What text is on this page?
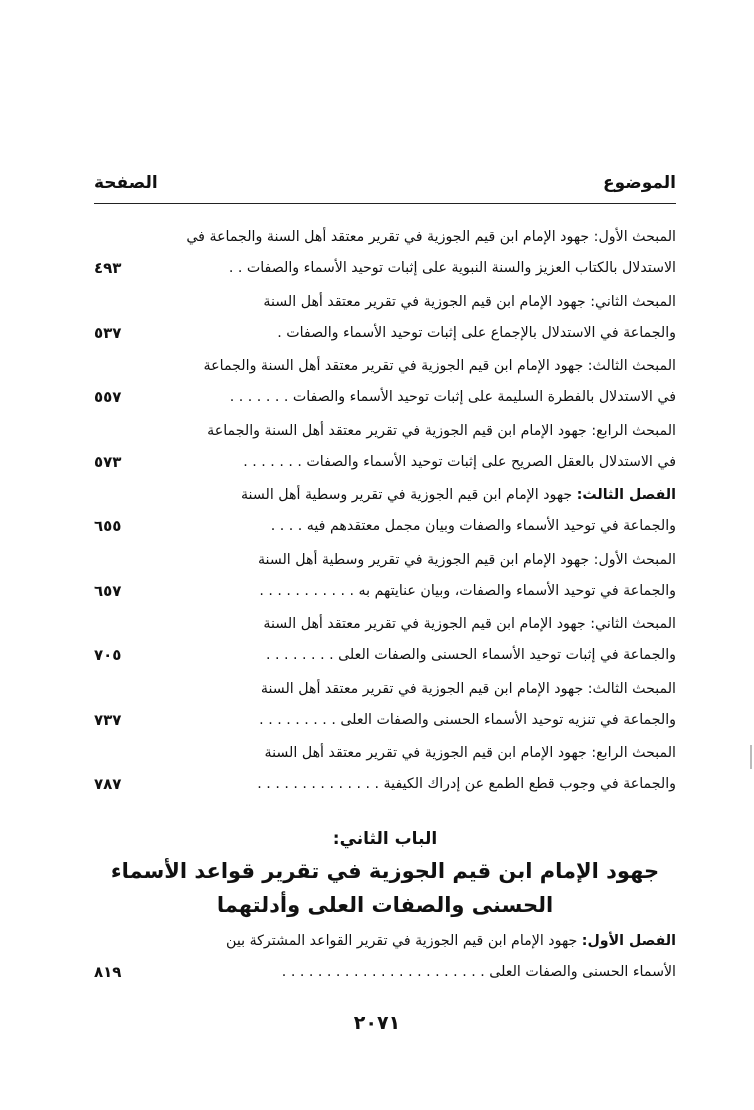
الموضوع
الصفحة
المبحث الأول: جهود الإمام ابن قيم الجوزية في تقرير معتقد أهل السنة والجماعة في
الاستدلال بالكتاب العزيز والسنة النبوية على إثبات توحيد الأسماء والصفات . .
٤٩٣
المبحث الثاني: جهود الإمام ابن قيم الجوزية في تقرير معتقد أهل السنة
والجماعة في الاستدلال بالإجماع على إثبات توحيد الأسماء والصفات .
٥٣٧
المبحث الثالث: جهود الإمام ابن قيم الجوزية في تقرير معتقد أهل السنة والجماعة
في الاستدلال بالفطرة السليمة على إثبات توحيد الأسماء والصفات . . . . . . .
٥٥٧
المبحث الرابع: جهود الإمام ابن قيم الجوزية في تقرير معتقد أهل السنة والجماعة
في الاستدلال بالعقل الصريح على إثبات توحيد الأسماء والصفات . . . . . . .
٥٧٣
الفصل الثالث: جهود الإمام ابن قيم الجوزية في تقرير وسطية أهل السنة
والجماعة في توحيد الأسماء والصفات وبيان مجمل معتقدهم فيه . . . .
٦٥٥
المبحث الأول: جهود الإمام ابن قيم الجوزية في تقرير وسطية أهل السنة
والجماعة في توحيد الأسماء والصفات، وبيان عنايتهم به . . . . . . . . . . .
٦٥٧
المبحث الثاني: جهود الإمام ابن قيم الجوزية في تقرير معتقد أهل السنة
والجماعة في إثبات توحيد الأسماء الحسنى والصفات العلى . . . . . . . .
٧٠٥
المبحث الثالث: جهود الإمام ابن قيم الجوزية في تقرير معتقد أهل السنة
والجماعة في تنزيه توحيد الأسماء الحسنى والصفات العلى . . . . . . . . .
٧٣٧
المبحث الرابع: جهود الإمام ابن قيم الجوزية في تقرير معتقد أهل السنة
والجماعة في وجوب قطع الطمع عن إدراك الكيفية . . . . . . . . . . . . . .
٧٨٧
الباب الثاني:
جهود الإمام ابن قيم الجوزية في تقرير قواعد الأسماء
الحسنى والصفات العلى وأدلتهما
الفصل الأول: جهود الإمام ابن قيم الجوزية في تقرير القواعد المشتركة بين
الأسماء الحسنى والصفات العلى . . . . . . . . . . . . . . . . . . . . . . .
٨١٩
٢٠٧١
